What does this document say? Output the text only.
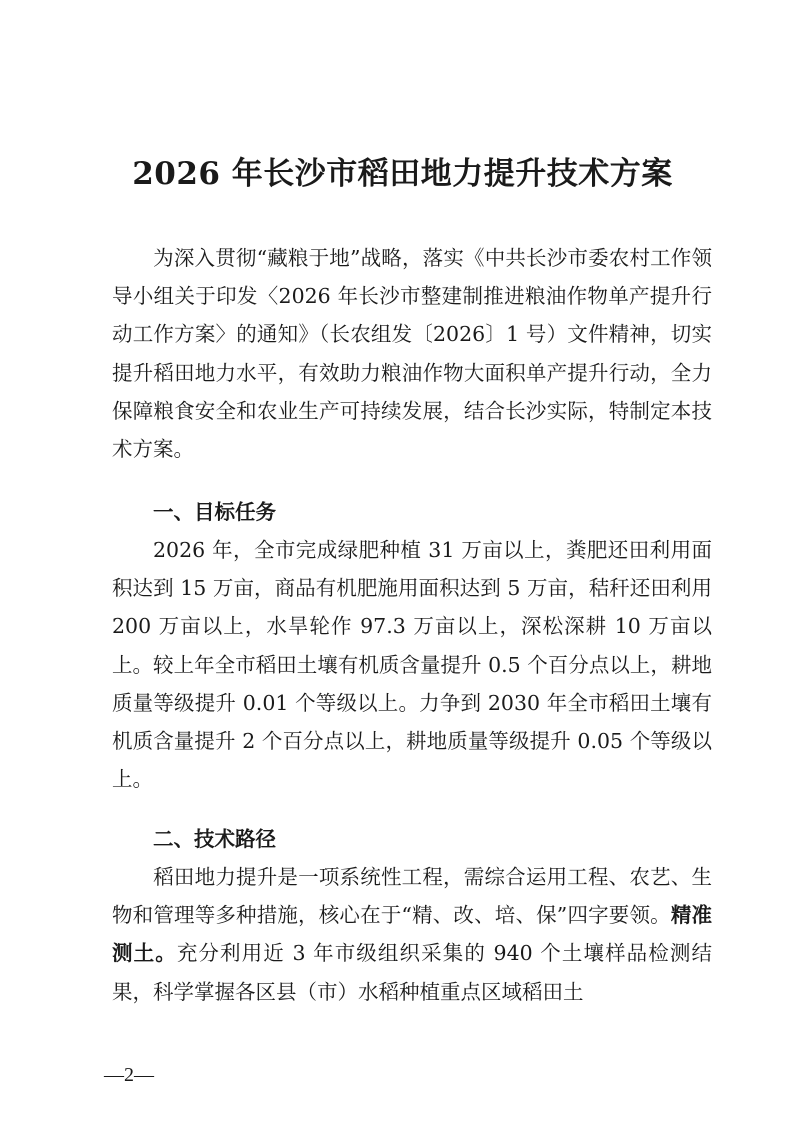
2026 年长沙市稻田地力提升技术方案
为深入贯彻“藏粮于地”战略，落实《中共长沙市委农村工作领导小组关于印发〈2026 年长沙市整建制推进粮油作物单产提升行动工作方案〉的通知》（长农组发〔2026〕1 号）文件精神，切实提升稻田地力水平，有效助力粮油作物大面积单产提升行动，全力保障粮食安全和农业生产可持续发展，结合长沙实际，特制定本技术方案。
一、目标任务
2026 年，全市完成绿肥种植 31 万亩以上，粪肥还田利用面积达到 15 万亩，商品有机肥施用面积达到 5 万亩，秸秆还田利用 200 万亩以上，水旱轮作 97.3 万亩以上，深松深耕 10 万亩以上。较上年全市稻田土壤有机质含量提升 0.5 个百分点以上，耕地质量等级提升 0.01 个等级以上。力争到 2030 年全市稻田土壤有机质含量提升 2 个百分点以上，耕地质量等级提升 0.05 个等级以上。
二、技术路径
稻田地力提升是一项系统性工程，需综合运用工程、农艺、生物和管理等多种措施，核心在于“精、改、培、保”四字要领。精准测土。充分利用近 3 年市级组织采集的 940 个土壤样品检测结果，科学掌握各区县（市）水稻种植重点区域稻田土
—2—
